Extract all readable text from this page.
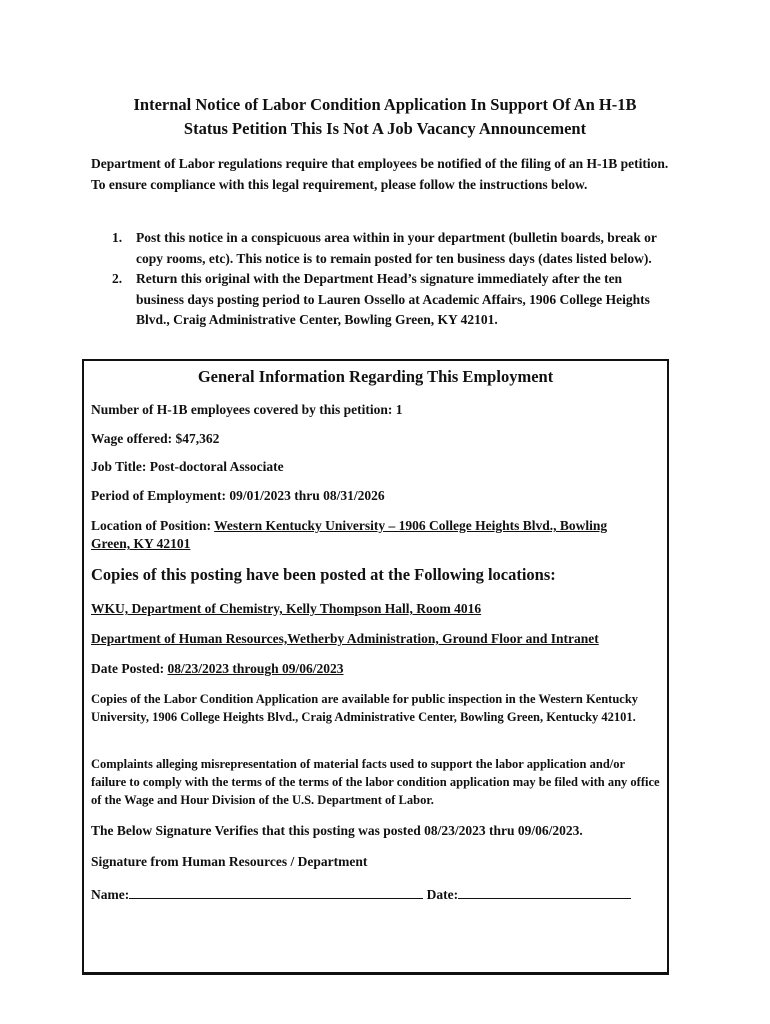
Internal Notice of Labor Condition Application In Support Of An H-1B
Status Petition This Is Not A Job Vacancy Announcement
Department of Labor regulations require that employees be notified of the filing of an H-1B petition. To ensure compliance with this legal requirement, please follow the instructions below.
1. Post this notice in a conspicuous area within in your department (bulletin boards, break or copy rooms, etc). This notice is to remain posted for ten business days (dates listed below).
2. Return this original with the Department Head’s signature immediately after the ten business days posting period to Lauren Ossello at Academic Affairs, 1906 College Heights Blvd., Craig Administrative Center, Bowling Green, KY 42101.
General Information Regarding This Employment
Number of H-1B employees covered by this petition: 1
Wage offered: $47,362
Job Title: Post-doctoral Associate
Period of Employment: 09/01/2023 thru 08/31/2026
Location of Position: Western Kentucky University – 1906 College Heights Blvd., Bowling
Green, KY 42101
Copies of this posting have been posted at the Following locations:
WKU, Department of Chemistry, Kelly Thompson Hall, Room 4016
Department of Human Resources,Wetherby Administration, Ground Floor and Intranet
Date Posted: 08/23/2023 through 09/06/2023
Copies of the Labor Condition Application are available for public inspection in the Western Kentucky University, 1906 College Heights Blvd., Craig Administrative Center, Bowling Green, Kentucky 42101.
Complaints alleging misrepresentation of material facts used to support the labor application and/or failure to comply with the terms of the terms of the labor condition application may be filed with any office of the Wage and Hour Division of the U.S. Department of Labor.
The Below Signature Verifies that this posting was posted 08/23/2023 thru 09/06/2023.
Signature from Human Resources / Department
Name:	Date:
